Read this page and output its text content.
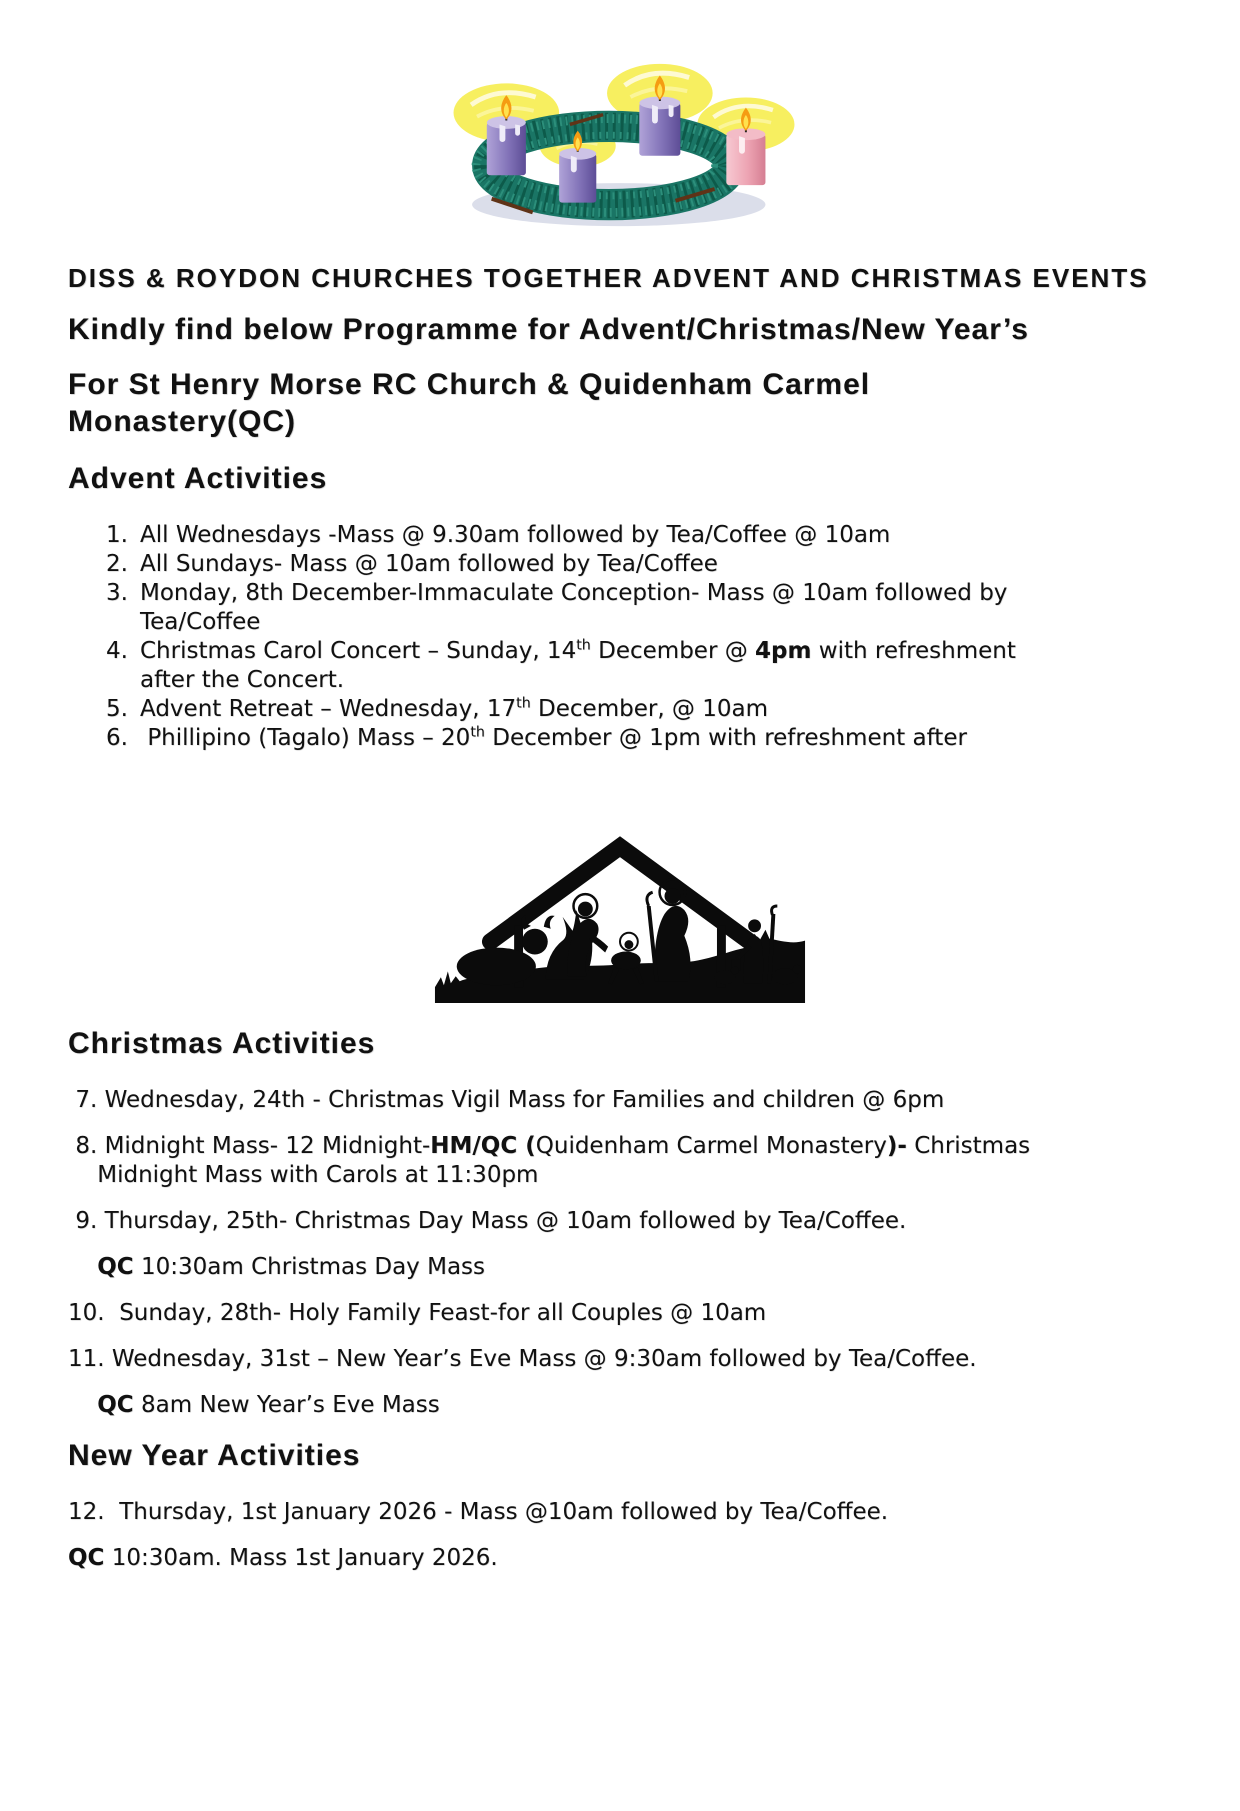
DISS & ROYDON CHURCHES TOGETHER ADVENT AND CHRISTMAS EVENTS
Kindly find below Programme for Advent/Christmas/New Year’s
For St Henry Morse RC Church & Quidenham Carmel
Monastery(QC)
Advent Activities
1. All Wednesdays -Mass @ 9.30am followed by Tea/Coffee @ 10am
2. All Sundays- Mass @ 10am followed by Tea/Coffee
3. Monday, 8th December-Immaculate Conception- Mass @ 10am followed by
Tea/Coffee
4. Christmas Carol Concert – Sunday, 14th December @ 4pm with refreshment
after the Concert.
5. Advent Retreat – Wednesday, 17th December, @ 10am
6. Phillipino (Tagalo) Mass – 20th December @ 1pm with refreshment after
Christmas Activities
7. Wednesday, 24th - Christmas Vigil Mass for Families and children @ 6pm
8. Midnight Mass- 12 Midnight-HM/QC (Quidenham Carmel Monastery)- Christmas
Midnight Mass with Carols at 11:30pm
9. Thursday, 25th- Christmas Day Mass @ 10am followed by Tea/Coffee.
QC 10:30am Christmas Day Mass
10.  Sunday, 28th- Holy Family Feast-for all Couples @ 10am
11. Wednesday, 31st – New Year’s Eve Mass @ 9:30am followed by Tea/Coffee.
QC 8am New Year’s Eve Mass
New Year Activities
12.  Thursday, 1st January 2026 - Mass @10am followed by Tea/Coffee.
QC 10:30am. Mass 1st January 2026.
